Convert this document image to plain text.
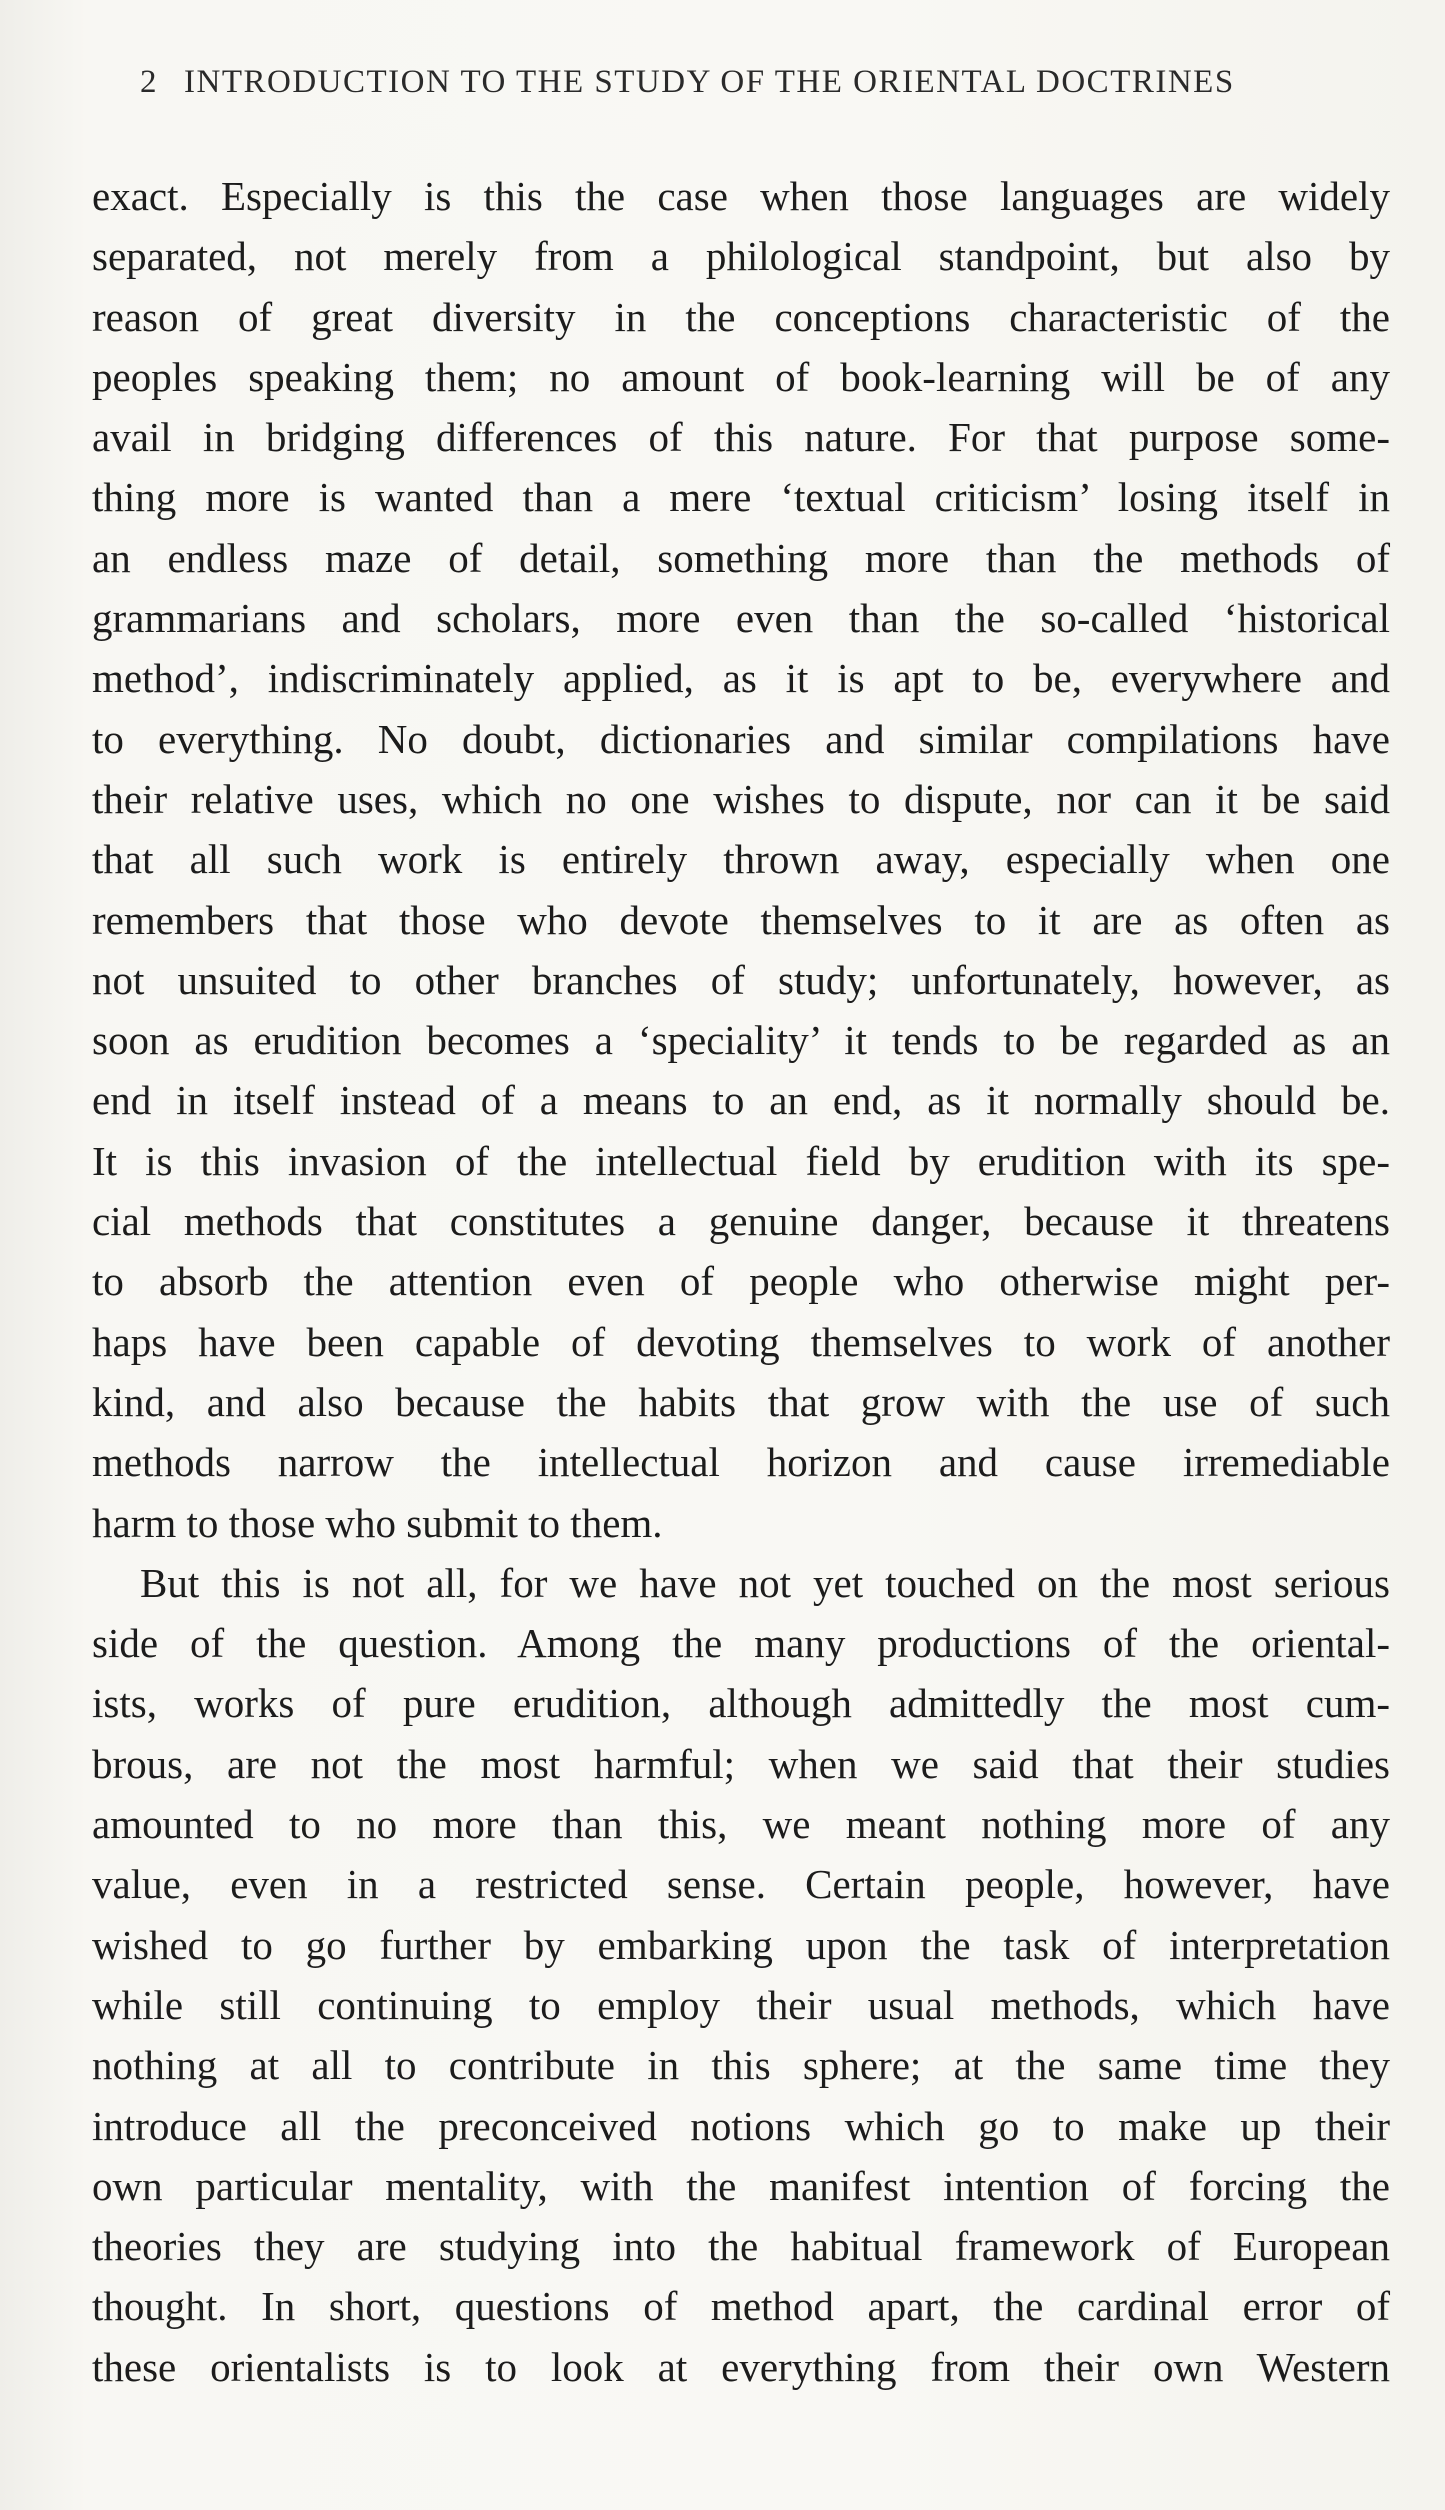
2 INTRODUCTION TO THE STUDY OF THE ORIENTAL DOCTRINES
exact. Especially is this the case when those languages are widely
separated, not merely from a philological standpoint, but also by
reason of great diversity in the conceptions characteristic of the
peoples speaking them; no amount of book-learning will be of any
avail in bridging differences of this nature. For that purpose some-
thing more is wanted than a mere ‘textual criticism’ losing itself in
an endless maze of detail, something more than the methods of
grammarians and scholars, more even than the so-called ‘historical
method’, indiscriminately applied, as it is apt to be, everywhere and
to everything. No doubt, dictionaries and similar compilations have
their relative uses, which no one wishes to dispute, nor can it be said
that all such work is entirely thrown away, especially when one
remembers that those who devote themselves to it are as often as
not unsuited to other branches of study; unfortunately, however, as
soon as erudition becomes a ‘speciality’ it tends to be regarded as an
end in itself instead of a means to an end, as it normally should be.
It is this invasion of the intellectual field by erudition with its spe-
cial methods that constitutes a genuine danger, because it threatens
to absorb the attention even of people who otherwise might per-
haps have been capable of devoting themselves to work of another
kind, and also because the habits that grow with the use of such
methods narrow the intellectual horizon and cause irremediable
harm to those who submit to them.
But this is not all, for we have not yet touched on the most serious
side of the question. Among the many productions of the oriental-
ists, works of pure erudition, although admittedly the most cum-
brous, are not the most harmful; when we said that their studies
amounted to no more than this, we meant nothing more of any
value, even in a restricted sense. Certain people, however, have
wished to go further by embarking upon the task of interpretation
while still continuing to employ their usual methods, which have
nothing at all to contribute in this sphere; at the same time they
introduce all the preconceived notions which go to make up their
own particular mentality, with the manifest intention of forcing the
theories they are studying into the habitual framework of European
thought. In short, questions of method apart, the cardinal error of
these orientalists is to look at everything from their own Western
